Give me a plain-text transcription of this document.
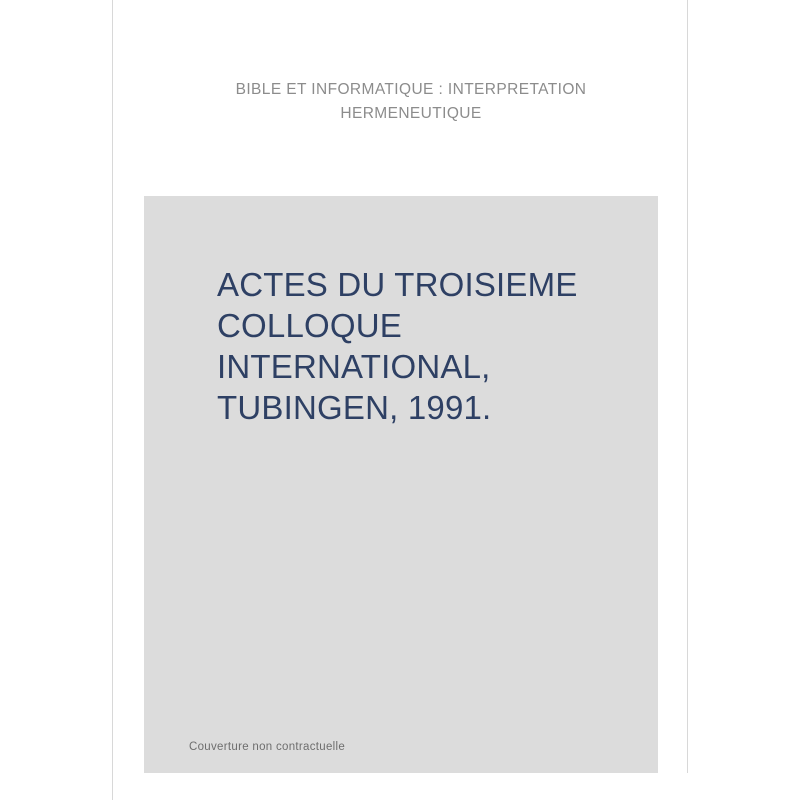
BIBLE ET INFORMATIQUE : INTERPRETATION
HERMENEUTIQUE
ACTES DU TROISIEME COLLOQUE INTERNATIONAL, TUBINGEN, 1991.
Couverture non contractuelle
